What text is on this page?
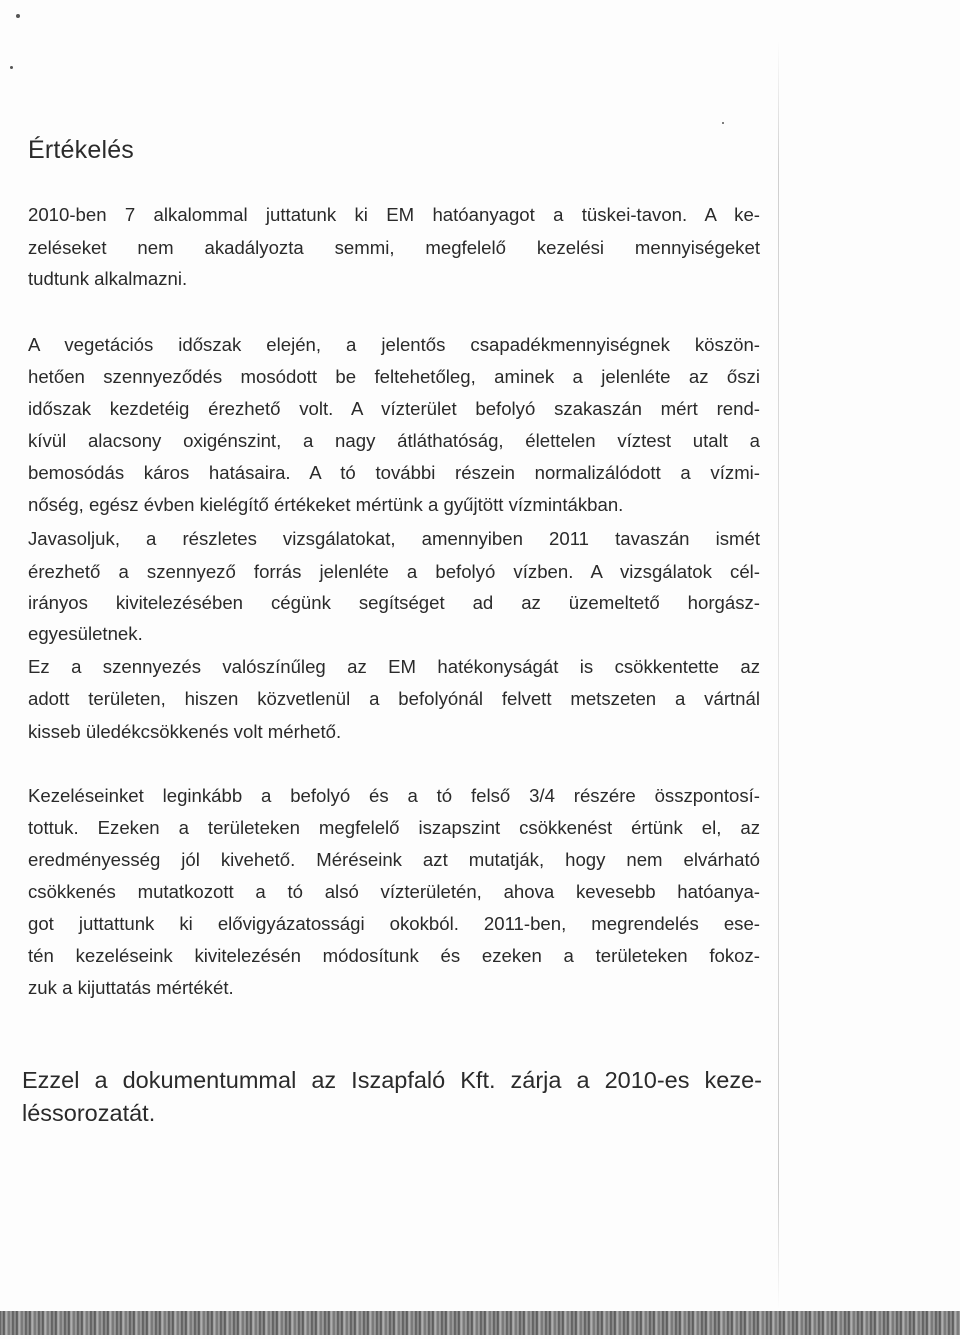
Értékelés
2010-ben 7 alkalommal juttatunk ki EM hatóanyagot a tüskei-tavon. A ke-
zeléseket nem akadályozta semmi, megfelelő kezelési mennyiségeket
tudtunk alkalmazni.
A vegetációs időszak elején, a jelentős csapadékmennyiségnek köszön-
hetően szennyeződés mosódott be feltehetőleg, aminek a jelenléte az őszi
időszak kezdetéig érezhető volt. A vízterület befolyó szakaszán mért rend-
kívül alacsony oxigénszint, a nagy átláthatóság, élettelen víztest utalt a
bemosódás káros hatásaira. A tó további részein normalizálódott a vízmi-
nőség, egész évben kielégítő értékeket mértünk a gyűjtött vízmintákban.
Javasoljuk, a részletes vizsgálatokat, amennyiben 2011 tavaszán ismét
érezhető a szennyező forrás jelenléte a befolyó vízben. A vizsgálatok cél-
irányos kivitelezésében cégünk segítséget ad az üzemeltető horgász-
egyesületnek.
Ez a szennyezés valószínűleg az EM hatékonyságát is csökkentette az
adott területen, hiszen közvetlenül a befolyónál felvett metszeten a vártnál
kisseb üledékcsökkenés volt mérhető.
Kezeléseinket leginkább a befolyó és a tó felső 3/4 részére összpontosí-
tottuk. Ezeken a területeken megfelelő iszapszint csökkenést értünk el, az
eredményesség jól kivehető. Méréseink azt mutatják, hogy nem elvárható
csökkenés mutatkozott a tó alsó vízterületén, ahova kevesebb hatóanya-
got juttattunk ki elővigyázatossági okokból. 2011-ben, megrendelés ese-
tén kezeléseink kivitelezésén módosítunk és ezeken a területeken fokoz-
zuk a kijuttatás mértékét.
Ezzel a dokumentummal az Iszapfaló Kft. zárja a 2010-es keze-
léssorozatát.
